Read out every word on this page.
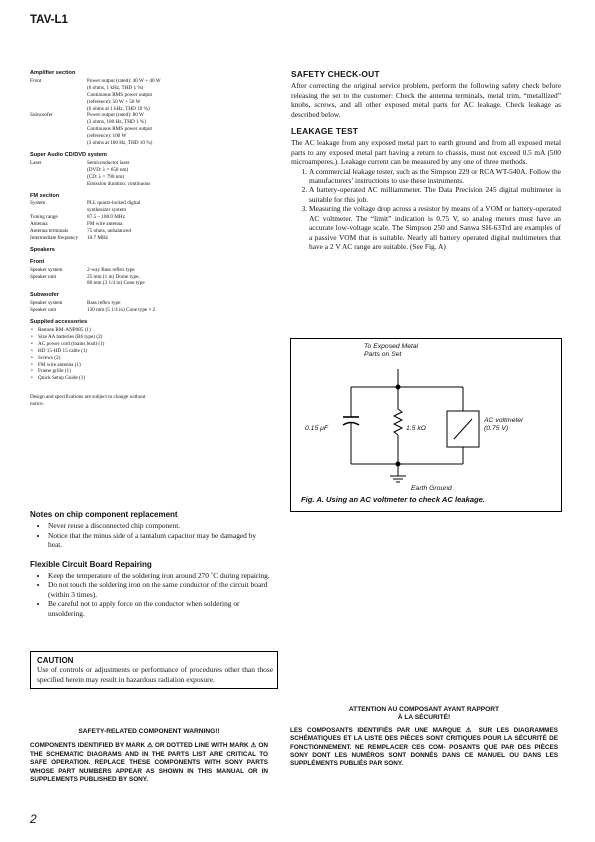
TAV-L1
Amplifier section
Front	Power output (rated): 40 W + 40 W
(6 ohms, 1 kHz, THD 1 %)
Continuous RMS power output
(reference): 50 W + 50 W
(6 ohms at 1 kHz, THD 10 %)
Subwoofer	Power output (rated): 80 W
(3 ohms, 100 Hz, THD 1 %)
Continuous RMS power output
(reference): 100 W
(3 ohms at 100 Hz, THD 10 %)
Super Audio CD/DVD system
Laser	Semiconductor laser
(DVD: λ = 650 nm)
(CD: λ = 790 nm)
Emission duration: continuous
FM section
System	PLL quartz-locked digital
synthesizer system
Tuning range	87.5 – 108.0 MHz
Antenna	FM wire antenna
Antenna terminals	75 ohms, unbalanced
Intermediate frequency	10.7 MHz
Speakers
Front
Speaker system	2-way Bass reflex type
Speaker unit	25 mm (1 in) Dome type,
80 mm (3 1/4 in) Cone type
Subwoofer
Speaker system	Bass reflex type
Speaker unit	130 mm (5 1/4 in) Cone type × 2
Supplied accessories
• Remote RM-ANP085 (1)
• Size AA batteries (R6 type) (2)
• AC power cord (mains lead) (1)
• HD 15-HD 15 cable (1)
• Screws (2)
• FM wire antenna (1)
• Frame grille (1)
• Quick Setup Guide (1)
Design and specifications are subject to change without notice.
SAFETY CHECK-OUT

After correcting the original service problem, perform the following safety check before releasing the set to the customer: Check the antenna terminals, metal trim, “metallized” knobs, screws, and all other exposed metal parts for AC leakage. Check leakage as described below.

LEAKAGE TEST

The AC leakage from any exposed metal part to earth ground and from all exposed metal parts to any exposed metal part having a return to chassis, must not exceed 0.5 mA (500 microamperes.). Leakage current can be measured by any one of three methods.

1. A commercial leakage tester, such as the Simpson 229 or RCA WT-540A. Follow the manufacturers’ instructions to use these instruments.
2. A battery-operated AC milliammeter. The Data Precision 245 digital multimeter is suitable for this job.
3. Measuring the voltage drop across a resistor by means of a VOM or battery-operated AC voltmeter. The “limit” indication is 0.75 V, so analog meters must have an accurate low-voltage scale. The Simpson 250 and Sanwa SH-63Trd are examples of a passive VOM that is suitable. Nearly all battery operated digital multimeters that have a 2 V AC range are suitable. (See Fig. A)
To Exposed Metal Parts on Set
0.15 μF	1.5 kΩ
AC voltmeter (0.75 V)
Earth Ground
Fig. A. Using an AC voltmeter to check AC leakage.
Notes on chip component replacement
• Never reuse a disconnected chip component.
• Notice that the minus side of a tantalum capacitor may be damaged by heat.
Flexible Circuit Board Repairing
• Keep the temperature of the soldering iron around 270 ˚C during repairing.
• Do not touch the soldering iron on the same conductor of the circuit board (within 3 times).
• Be careful not to apply force on the conductor when soldering or unsoldering.
CAUTION
Use of controls or adjustments or performance of procedures other than those specified herein may result in hazardous radiation exposure.
SAFETY-RELATED COMPONENT WARNING!!
COMPONENTS IDENTIFIED BY MARK ⚠ OR DOTTED LINE WITH MARK ⚠ ON THE SCHEMATIC DIAGRAMS AND IN THE PARTS LIST ARE CRITICAL TO SAFE OPERATION. REPLACE THESE COMPONENTS WITH SONY PARTS WHOSE PART NUMBERS APPEAR AS SHOWN IN THIS MANUAL OR IN SUPPLEMENTS PUBLISHED BY SONY.
ATTENTION AU COMPOSANT AYANT RAPPORT
À LA SÉCURITÉ!
LES COMPOSANTS IDENTIFIÉS PAR UNE MARQUE ⚠ SUR LES DIAGRAMMES SCHÉMATIQUES ET LA LISTE DES PIÈCES SONT CRITIQUES POUR LA SÉCURITÉ DE FONCTIONNEMENT. NE REMPLACER CES COM- POSANTS QUE PAR DES PIÈCES SONY DONT LES NUMÉROS SONT DONNÉS DANS CE MANUEL OU DANS LES SUPPLÉMENTS PUBLIÉS PAR SONY.
2
